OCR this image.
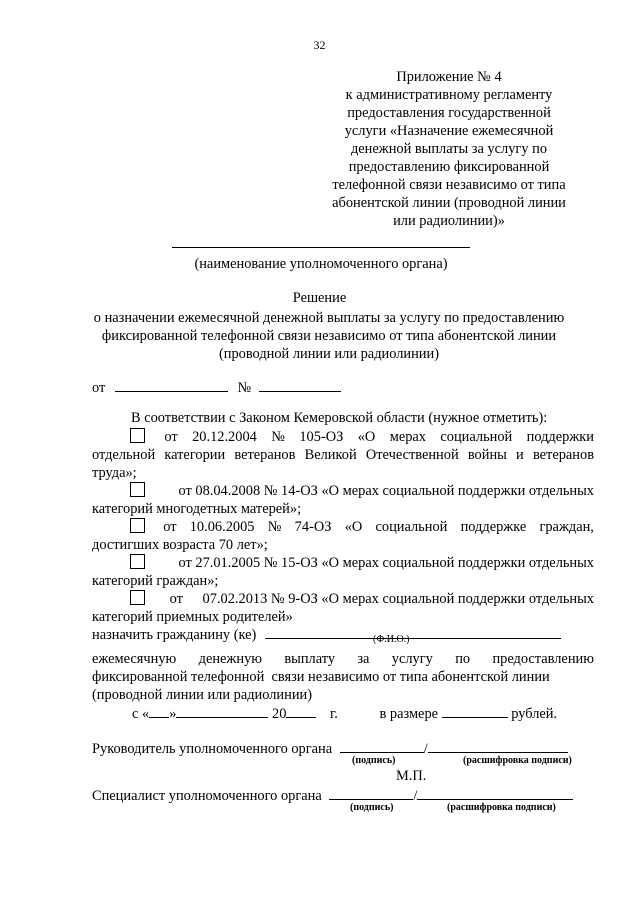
32
Приложение № 4
к административному регламенту
предоставления государственной
услуги «Назначение ежемесячной
денежной выплаты за услугу по
предоставлению фиксированной
телефонной связи независимо от типа
абонентской линии (проводной линии
или радиолинии)»
(наименование уполномоченного органа)
Решение
о назначении ежемесячной денежной выплаты за услугу по предоставлению
фиксированной телефонной связи независимо от типа абонентской линии
(проводной линии или радиолинии)
от	№
В соответствии с Законом Кемеровской области (нужное отметить):
от 20.12.2004 № 105-ОЗ «О мерах социальной поддержки
отдельной категории ветеранов Великой Отечественной войны и ветеранов
труда»;
от 08.04.2008 № 14-ОЗ «О мерах социальной поддержки отдельных
категорий многодетных матерей»;
от 10.06.2005 № 74-ОЗ «О социальной поддержке граждан,
достигших возраста 70 лет»;
от 27.01.2005 № 15-ОЗ «О мерах социальной поддержки отдельных
категорий граждан»;
от 07.02.2013 № 9-ОЗ «О мерах социальной поддержки отдельных
категорий приемных родителей»
назначить гражданину (ке)	(Ф.И.О.)
ежемесячную денежную выплату за услугу по предоставлению
фиксированной телефонной  связи независимо от типа абонентской линии
(проводной линии или радиолинии)
с « »	20	г.	в размере	рублей.
Руководитель уполномоченного органа	/
(подпись)	(расшифровка подписи)
М.П.
Специалист уполномоченного органа	/
(подпись)	(расшифровка подписи)
